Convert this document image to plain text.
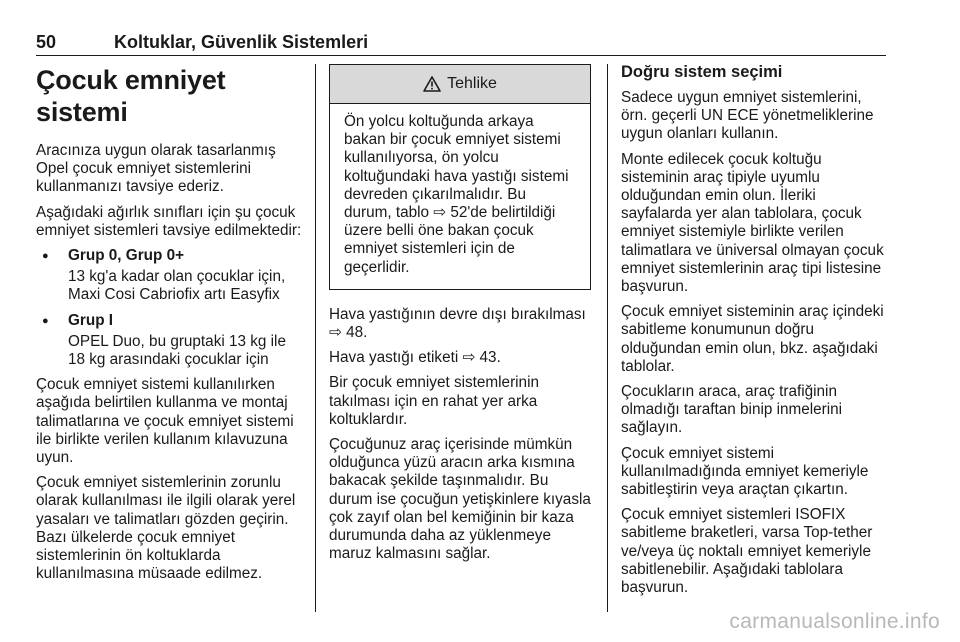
50	Koltuklar, Güvenlik Sistemleri
Çocuk emniyet sistemi

Aracınıza uygun olarak tasarlanmış Opel çocuk emniyet sistemlerini kullanmanızı tavsiye ederiz.

Aşağıdaki ağırlık sınıfları için şu çocuk emniyet sistemleri tavsiye edilmektedir:

● Grup 0, Grup 0+
13 kg'a kadar olan çocuklar için, Maxi Cosi Cabriofix artı Easyfix
● Grup I
OPEL Duo, bu gruptaki 13 kg ile 18 kg arasındaki çocuklar için

Çocuk emniyet sistemi kullanılırken aşağıda belirtilen kullanma ve montaj talimatlarına ve çocuk emniyet sistemi ile birlikte verilen kullanım kılavuzuna uyun.

Çocuk emniyet sistemlerinin zorunlu olarak kullanılması ile ilgili olarak yerel yasaları ve talimatları gözden geçirin. Bazı ülkelerde çocuk emniyet sistemlerinin ön koltuklarda kullanılmasına müsaade edilmez.

Tehlike

Ön yolcu koltuğunda arkaya bakan bir çocuk emniyet sistemi kullanılıyorsa, ön yolcu koltuğundaki hava yastığı sistemi devreden çıkarılmalıdır. Bu durum, tablo ⇨ 52'de belirtildiği üzere belli öne bakan çocuk emniyet sistemleri için de geçerlidir.

Hava yastığının devre dışı bırakılması ⇨ 48.

Hava yastığı etiketi ⇨ 43.

Bir çocuk emniyet sistemlerinin takılması için en rahat yer arka koltuklardır.

Çocuğunuz araç içerisinde mümkün olduğunca yüzü aracın arka kısmına bakacak şekilde taşınmalıdır. Bu durum ise çocuğun yetişkinlere kıyasla çok zayıf olan bel kemiğinin bir kaza durumunda daha az yüklenmeye maruz kalmasını sağlar.

Doğru sistem seçimi

Sadece uygun emniyet sistemlerini, örn. geçerli UN ECE yönetmeliklerine uygun olanları kullanın.

Monte edilecek çocuk koltuğu sisteminin araç tipiyle uyumlu olduğundan emin olun. İleriki sayfalarda yer alan tablolara, çocuk emniyet sistemiyle birlikte verilen talimatlara ve üniversal olmayan çocuk emniyet sistemlerinin araç tipi listesine başvurun.

Çocuk emniyet sisteminin araç içindeki sabitleme konumunun doğru olduğundan emin olun, bkz. aşağıdaki tablolar.

Çocukların araca, araç trafiğinin olmadığı taraftan binip inmelerini sağlayın.

Çocuk emniyet sistemi kullanılmadığında emniyet kemeriyle sabitleştirin veya araçtan çıkartın.

Çocuk emniyet sistemleri ISOFIX sabitleme braketleri, varsa Top-tether ve/veya üç noktalı emniyet kemeriyle sabitlenebilir. Aşağıdaki tablolara başvurun.

carmanualsonline.info
